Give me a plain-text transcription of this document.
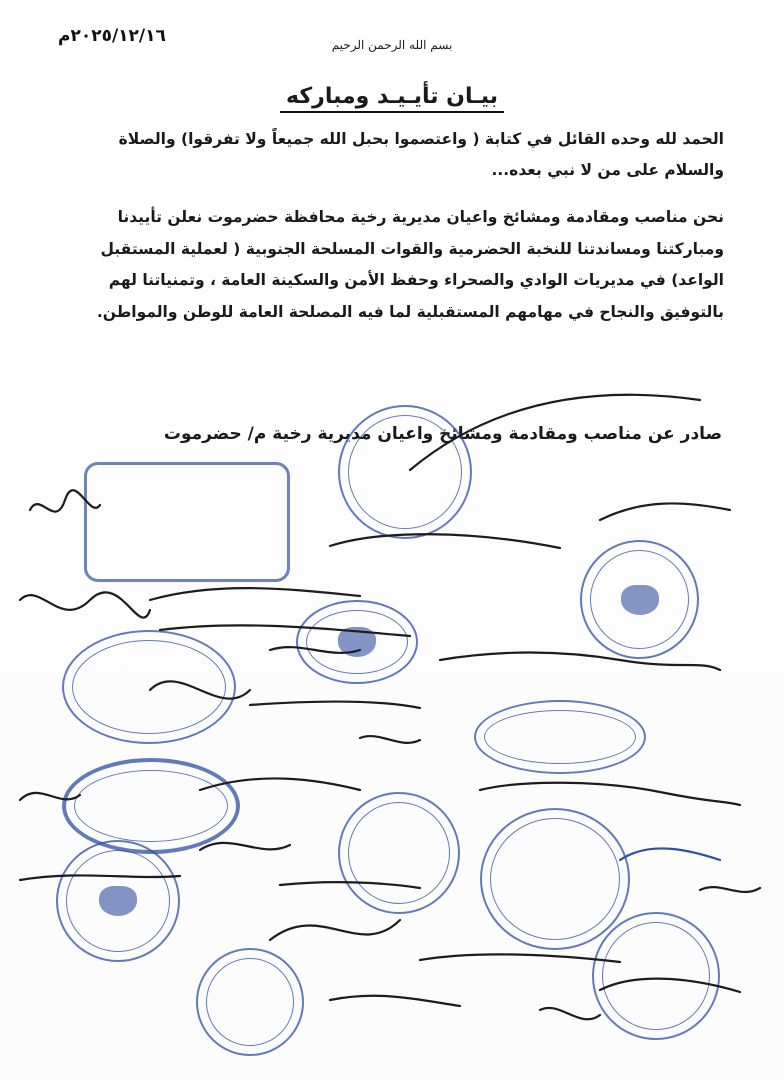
٢٠٢٥/١٢/١٦م	بسم الله الرحمن الرحيم
بيـان تأيـيـد ومباركه
الحمد لله وحده القائل في كتابة ( واعتصموا بحبل الله جميعاً ولا تفرقوا) والصلاة والسلام على من لا نبي بعده...
نحن مناصب ومقادمة ومشائخ واعيان مديرية رخية محافظة حضرموت نعلن تأييدنا ومباركتنا ومساندتنا للنخبة الحضرمية والقوات المسلحة الجنوبية ( لعملية المستقبل الواعد) في مديريات الوادي والصحراء وحفظ الأمن والسكينة العامة ، وتمنياتنا لهم بالتوفيق والنجاح في مهامهم المستقبلية لما فيه المصلحة العامة للوطن والمواطن.
صادر عن مناصب ومقادمة ومشائخ واعيان مديرية رخية م/ حضرموت
